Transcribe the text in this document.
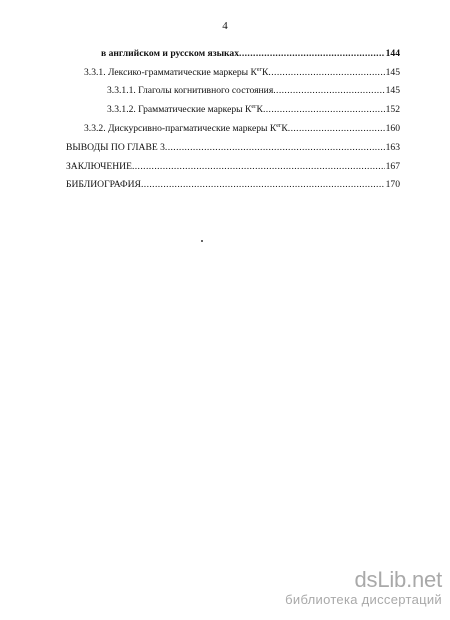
4
в английском и русском языках .....	144
3.3.1. Лексико-грамматические маркеры $К^{ег}К$ .....	145
3.3.1.1. Глаголы когнитивного состояния .....	145
3.3.1.2. Грамматические маркеры $К^{ег}К$ .....	152
3.3.2. Дискурсивно-прагматические маркеры $К^{ег}К$ .....	160
ВЫВОДЫ ПО ГЛАВЕ 3 .....	163
ЗАКЛЮЧЕНИЕ .....	167
БИБЛИОГРАФИЯ .....	170
dsLib.net
библиотека диссертаций
